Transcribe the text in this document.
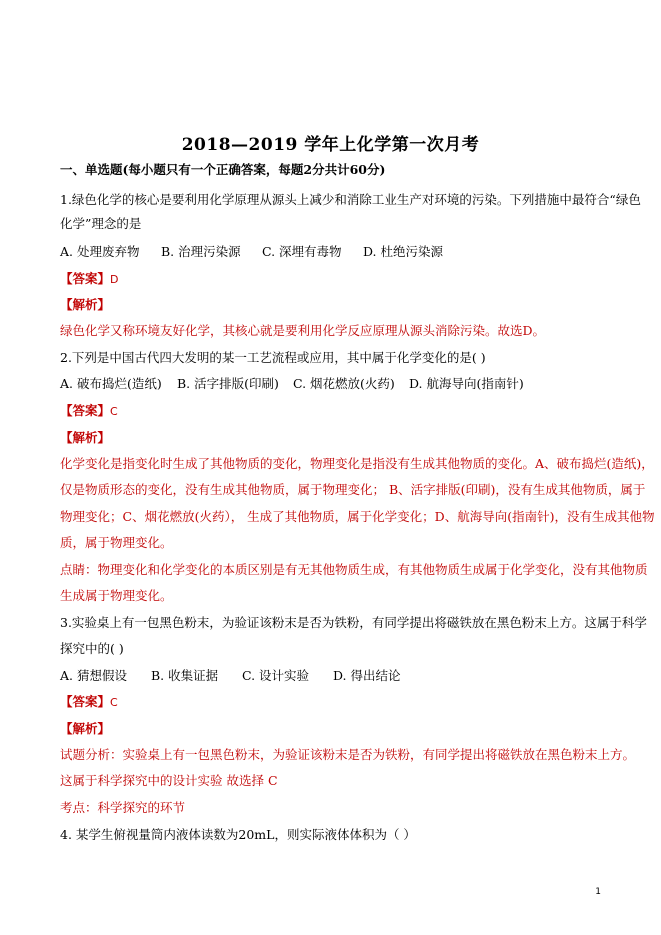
2018—2019 学年上化学第一次月考
一、单选题(每小题只有一个正确答案，每题2分共计60分)
1.绿色化学的核心是要利用化学原理从源头上减少和消除工业生产对环境的污染。下列措施中最符合“绿色
化学”理念的是
A. 处理废弃物 B. 治理污染源 C. 深埋有毒物 D. 杜绝污染源
【答案】D
【解析】
绿色化学又称环境友好化学，其核心就是要利用化学反应原理从源头消除污染。故选D。
2.下列是中国古代四大发明的某一工艺流程或应用，其中属于化学变化的是( )
A. 破布捣烂(造纸) B. 活字排版(印刷) C. 烟花燃放(火药) D. 航海导向(指南针)
【答案】C
【解析】
化学变化是指变化时生成了其他物质的变化，物理变化是指没有生成其他物质的变化。A、破布捣烂(造纸)，
仅是物质形态的变化，没有生成其他物质，属于物理变化； B、活字排版(印刷)，没有生成其他物质，属于
物理变化；C、烟花燃放(火药）， 生成了其他物质，属于化学变化；D、航海导向(指南针)，没有生成其他物
质，属于物理变化。
点睛：物理变化和化学变化的本质区别是有无其他物质生成，有其他物质生成属于化学变化，没有其他物质
生成属于物理变化。
3.实验桌上有一包黑色粉末，为验证该粉末是否为铁粉，有同学提出将磁铁放在黑色粉末上方。这属于科学
探究中的( )
A. 猜想假设 B. 收集证据 C. 设计实验 D. 得出结论
【答案】C
【解析】
试题分析：实验桌上有一包黑色粉末，为验证该粉末是否为铁粉，有同学提出将磁铁放在黑色粉末上方。
这属于科学探究中的设计实验 故选择 C
考点：科学探究的环节
4. 某学生俯视量筒内液体读数为20mL，则实际液体体积为（ ）
1
